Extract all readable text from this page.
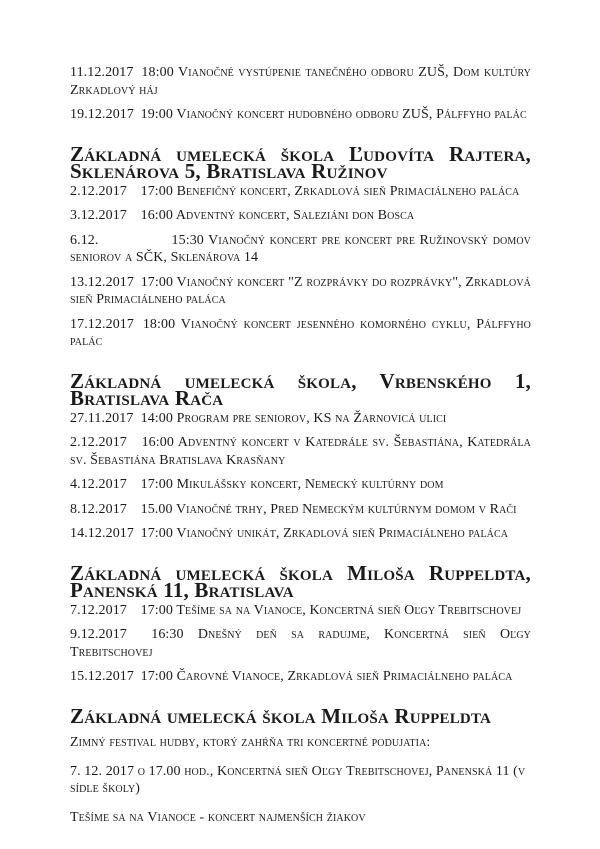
11.12.2017 18:00 Vianočné vystúpenie tanečného odboru ZUŠ, Dom kultúry Zrkadlový háj

19.12.2017 19:00 Vianočný koncert hudobného odboru ZUŠ, Pálffyho palác

Základná umelecká škola Ľudovíta Rajtera, Sklenárova 5, Bratislava Ružinov

2.12.2017 17:00 Benefičný koncert, Zrkadlová sieň Primaciálneho paláca

3.12.2017 16:00 Adventný koncert, Saleziáni don Bosca

6.12.	15:30 Vianočný koncert pre koncert pre Ružinovský domov seniorov a SČK, Sklenárova 14

13.12.2017 17:00 Vianočný koncert "Z rozprávky do rozprávky", Zrkadlová sieň Primaciálneho paláca

17.12.2017 18:00 Vianočný koncert jesenného komorného cyklu, Pálffyho palác

Základná umelecká škola, Vrbenského 1, Bratislava Rača

27.11.2017 14:00 Program pre seniorov, KS na Žarnovicá ulici

2.12.2017 16:00 Adventný koncert v Katedrále sv. Šebastiána, Katedrála sv. Šebastiána Bratislava Krasňany

4.12.2017 17:00 Mikulášsky koncert, Nemecký kultúrny dom

8.12.2017 15.00 Vianočné trhy, Pred Nemeckým kultúrnym domom v Rači

14.12.2017 17:00 Vianočný unikát, Zrkadlová sieň Primaciálneho paláca

Základná umelecká škola Miloša Ruppeldta, Panenská 11, Bratislava

7.12.2017 17:00 Tešíme sa na Vianoce, Koncertná sieň Oľgy Trebitschovej

9.12.2017 16:30 Dnešný deň sa radujme, Koncertná sieň Oľgy Trebitschovej

15.12.2017 17:00 Čarovné Vianoce, Zrkadlová sieň Primaciálneho paláca

Základná umelecká škola Miloša Ruppeldta

Zimný festival hudby, ktorý zahŕňa tri koncertné podujatia:

7. 12. 2017 o 17.00 hod., Koncertná sieň Oľgy Trebitschovej, Panenská 11 (v sídle školy)

Tešíme sa na Vianoce - koncert najmenších žiakov
